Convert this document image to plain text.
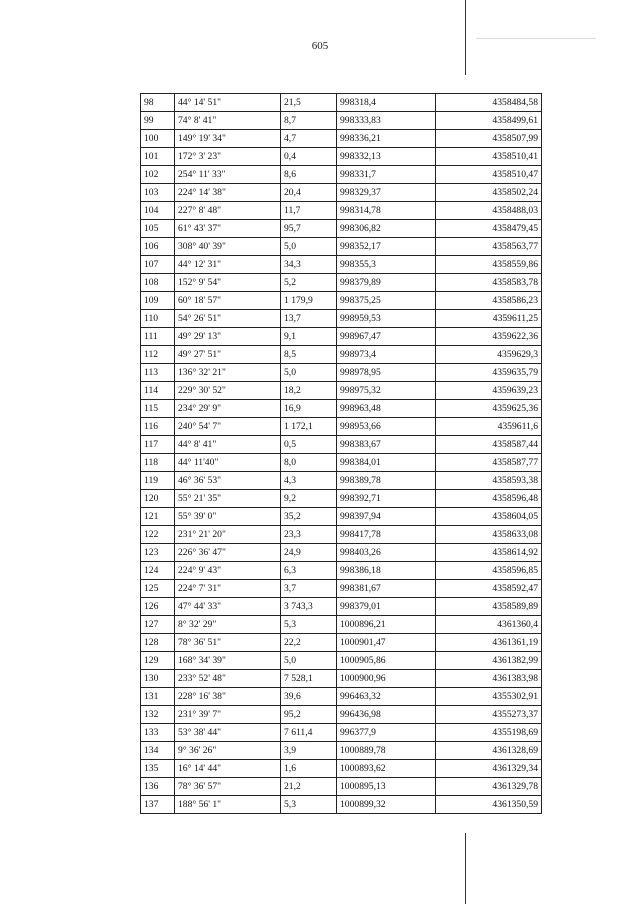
605
98	44° 14' 51"	21,5	998318,4	4358484,58
99	74° 8' 41"	8,7	998333,83	4358499,61
100	149° 19' 34"	4,7	998336,21	4358507,99
101	172° 3' 23"	0,4	998332,13	4358510,41
102	254° 11' 33"	8,6	998331,7	4358510,47
103	224° 14' 38"	20,4	998329,37	4358502,24
104	227° 8' 48"	11,7	998314,78	4358488,03
105	61° 43' 37"	95,7	998306,82	4358479,45
106	308° 40' 39"	5,0	998352,17	4358563,77
107	44° 12' 31"	34,3	998355,3	4358559,86
108	152° 9' 54"	5,2	998379,89	4358583,78
109	60° 18' 57"	1 179,9	998375,25	4358586,23
110	54° 26' 51"	13,7	998959,53	4359611,25
111	49° 29' 13"	9,1	998967,47	4359622,36
112	49° 27' 51"	8,5	998973,4	4359629,3
113	136° 32' 21"	5,0	998978,95	4359635,79
114	229° 30' 52"	18,2	998975,32	4359639,23
115	234° 29' 9"	16,9	998963,48	4359625,36
116	240° 54' 7"	1 172,1	998953,66	4359611,6
117	44° 8' 41"	0,5	998383,67	4358587,44
118	44° 11'40"	8,0	998384,01	4358587,77
119	46° 36' 53"	4,3	998389,78	4358593,38
120	55° 21' 35"	9,2	998392,71	4358596,48
121	55° 39' 0"	35,2	998397,94	4358604,05
122	231° 21' 20"	23,3	998417,78	4358633,08
123	226° 36' 47"	24,9	998403,26	4358614,92
124	224° 9' 43"	6,3	998386,18	4358596,85
125	224° 7' 31"	3,7	998381,67	4358592,47
126	47° 44' 33"	3 743,3	998379,01	4358589,89
127	8° 32' 29"	5,3	1000896,21	4361360,4
128	78° 36' 51"	22,2	1000901,47	4361361,19
129	168° 34' 39"	5,0	1000905,86	4361382,99
130	233° 52' 48"	7 528,1	1000900,96	4361383,98
131	228° 16' 38"	39,6	996463,32	4355302,91
132	231° 39' 7"	95,2	996436,98	4355273,37
133	53° 38' 44"	7 611,4	996377,9	4355198,69
134	9° 36' 26"	3,9	1000889,78	4361328,69
135	16° 14' 44"	1,6	1000893,62	4361329,34
136	78° 36' 57"	21,2	1000895,13	4361329,78
137	188° 56' 1"	5,3	1000899,32	4361350,59
